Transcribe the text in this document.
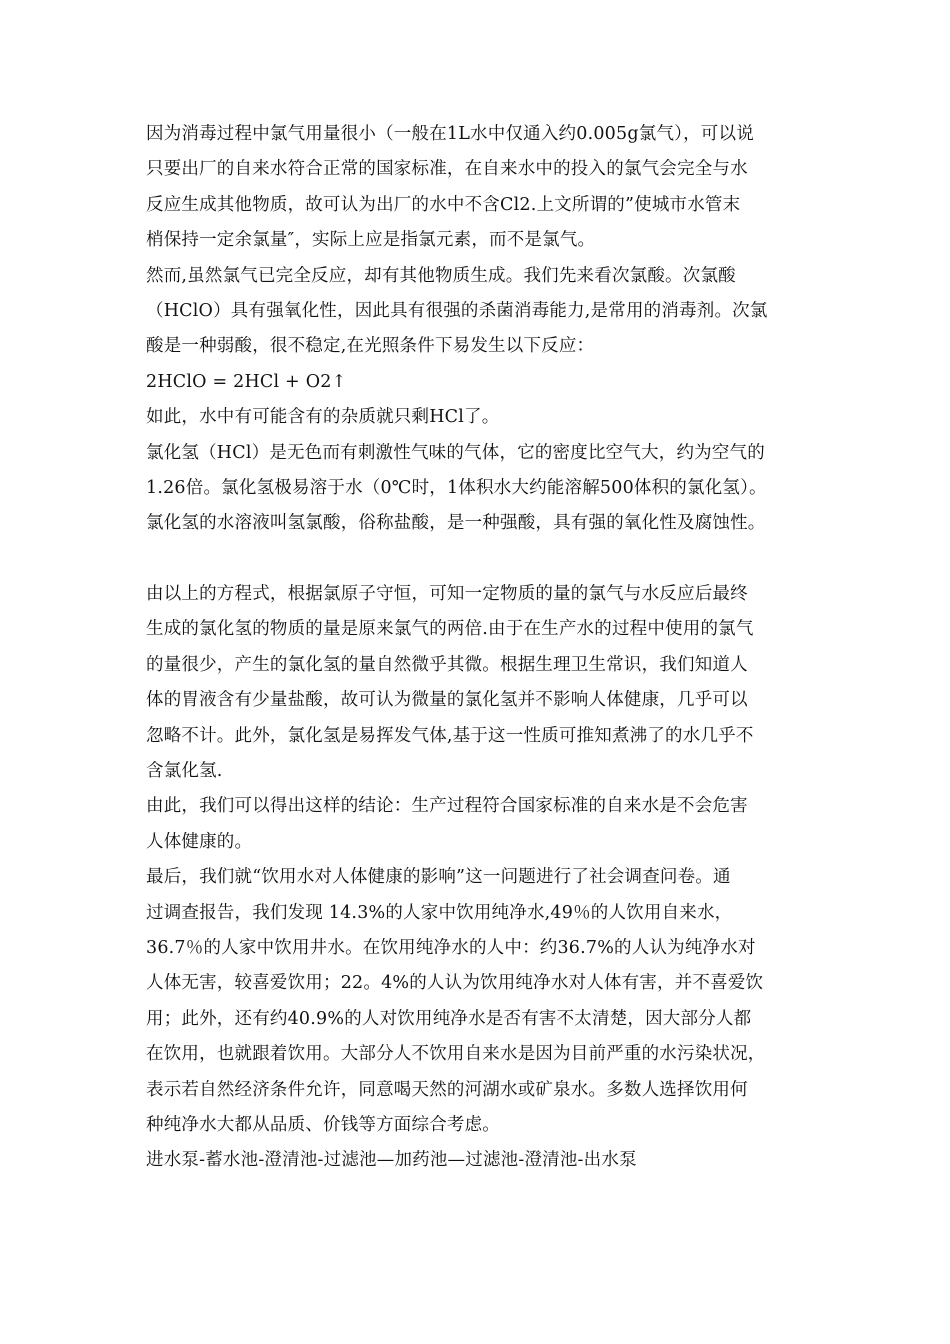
因为消毒过程中氯气用量很小（一般在1L水中仅通入约0.005g氯气），可以说
只要出厂的自来水符合正常的国家标准，在自来水中的投入的氯气会完全与水
反应生成其他物质，故可认为出厂的水中不含Cl2.上文所谓的”使城市水管末
梢保持一定余氯量″，实际上应是指氯元素，而不是氯气。
然而,虽然氯气已完全反应，却有其他物质生成。我们先来看次氯酸。次氯酸
（HClO）具有强氧化性，因此具有很强的杀菌消毒能力,是常用的消毒剂。次氯
酸是一种弱酸，很不稳定,在光照条件下易发生以下反应：
2HClO = 2HCl + O2↑
如此，水中有可能含有的杂质就只剩HCl了。
氯化氢（HCl）是无色而有刺激性气味的气体，它的密度比空气大，约为空气的
1.26倍。氯化氢极易溶于水（0℃时，1体积水大约能溶解500体积的氯化氢）。
氯化氢的水溶液叫氢氯酸，俗称盐酸，是一种强酸，具有强的氧化性及腐蚀性。
由以上的方程式，根据氯原子守恒，可知一定物质的量的氯气与水反应后最终
生成的氯化氢的物质的量是原来氯气的两倍.由于在生产水的过程中使用的氯气
的量很少，产生的氯化氢的量自然微乎其微。根据生理卫生常识，我们知道人
体的胃液含有少量盐酸，故可认为微量的氯化氢并不影响人体健康，几乎可以
忽略不计。此外，氯化氢是易挥发气体,基于这一性质可推知煮沸了的水几乎不
含氯化氢.
由此，我们可以得出这样的结论：生产过程符合国家标准的自来水是不会危害
人体健康的。
最后，我们就“饮用水对人体健康的影响”这一问题进行了社会调查问卷。通
过调查报告，我们发现 14.3%的人家中饮用纯净水,49％的人饮用自来水，
36.7％的人家中饮用井水。在饮用纯净水的人中：约36.7%的人认为纯净水对
人体无害，较喜爱饮用；22。4%的人认为饮用纯净水对人体有害，并不喜爱饮
用；此外，还有约40.9%的人对饮用纯净水是否有害不太清楚，因大部分人都
在饮用，也就跟着饮用。大部分人不饮用自来水是因为目前严重的水污染状况，
表示若自然经济条件允许，同意喝天然的河湖水或矿泉水。多数人选择饮用何
种纯净水大都从品质、价钱等方面综合考虑。
进水泵-蓄水池-澄清池-过滤池—加药池—过滤池-澄清池-出水泵
